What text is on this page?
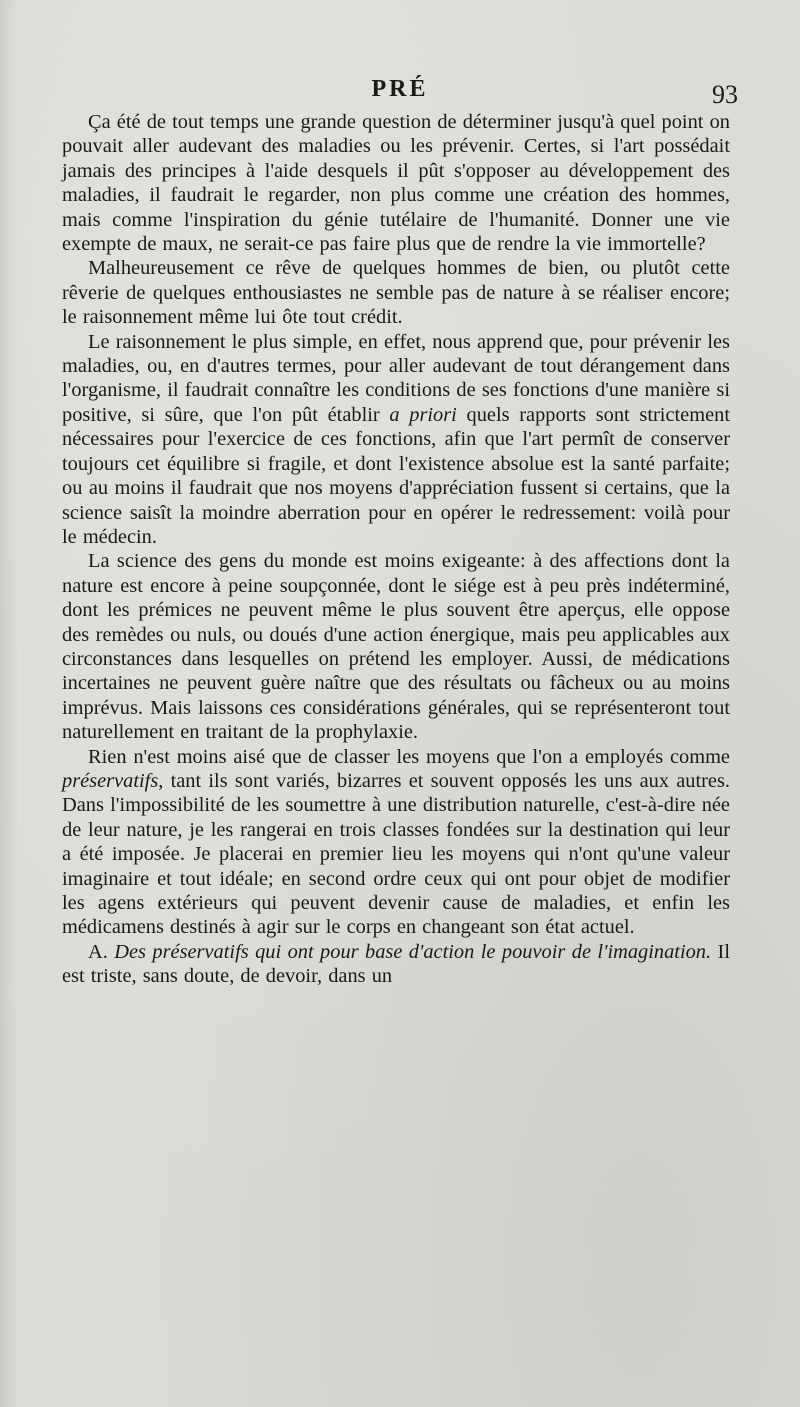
PRÉ	93

Ça été de tout temps une grande question de déterminer jusqu'à quel point on pouvait aller audevant des maladies ou les prévenir. Certes, si l'art possédait jamais des principes à l'aide desquels il pût s'opposer au développement des maladies, il faudrait le regarder, non plus comme une création des hommes, mais comme l'inspiration du génie tutélaire de l'humanité. Donner une vie exempte de maux, ne serait-ce pas faire plus que de rendre la vie immortelle?

Malheureusement ce rêve de quelques hommes de bien, ou plutôt cette rêverie de quelques enthousiastes ne semble pas de nature à se réaliser encore; le raisonnement même lui ôte tout crédit.

Le raisonnement le plus simple, en effet, nous apprend que, pour prévenir les maladies, ou, en d'autres termes, pour aller audevant de tout dérangement dans l'organisme, il faudrait connaître les conditions de ses fonctions d'une manière si positive, si sûre, que l'on pût établir a priori quels rapports sont strictement nécessaires pour l'exercice de ces fonctions, afin que l'art permît de conserver toujours cet équilibre si fragile, et dont l'existence absolue est la santé parfaite; ou au moins il faudrait que nos moyens d'appréciation fussent si certains, que la science saisît la moindre aberration pour en opérer le redressement: voilà pour le médecin.

La science des gens du monde est moins exigeante: à des affections dont la nature est encore à peine soupçonnée, dont le siége est à peu près indéterminé, dont les prémices ne peuvent même le plus souvent être aperçus, elle oppose des remèdes ou nuls, ou doués d'une action énergique, mais peu applicables aux circonstances dans lesquelles on prétend les employer. Aussi, de médications incertaines ne peuvent guère naître que des résultats ou fâcheux ou au moins imprévus. Mais laissons ces considérations générales, qui se représenteront tout naturellement en traitant de la prophylaxie.

Rien n'est moins aisé que de classer les moyens que l'on a employés comme préservatifs, tant ils sont variés, bizarres et souvent opposés les uns aux autres. Dans l'impossibilité de les soumettre à une distribution naturelle, c'est-à-dire née de leur nature, je les rangerai en trois classes fondées sur la destination qui leur a été imposée. Je placerai en premier lieu les moyens qui n'ont qu'une valeur imaginaire et tout idéale; en second ordre ceux qui ont pour objet de modifier les agens extérieurs qui peuvent devenir cause de maladies, et enfin les médicamens destinés à agir sur le corps en changeant son état actuel.

A. Des préservatifs qui ont pour base d'action le pouvoir de l'imagination. Il est triste, sans doute, de devoir, dans un
